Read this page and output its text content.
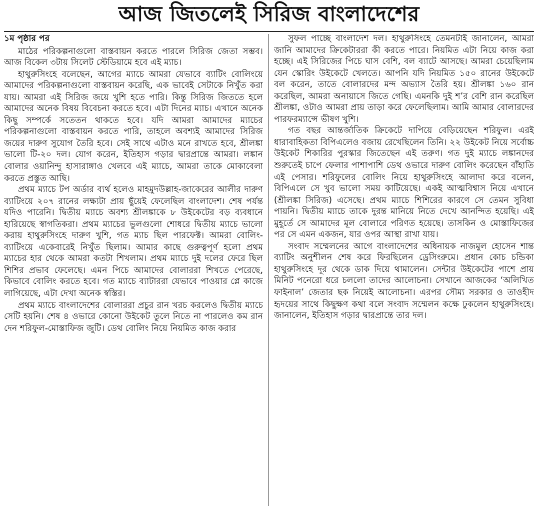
আজ জিতলেই সিরিজ বাংলাদেশের
১ম পৃষ্ঠার পর

মাঠের পরিকল্পনাগুলো বাস্তবায়ন করতে পারলে সিরিজ জেতা সম্ভব। আজ বিকেল ৩টায় সিলেট স্টেডিয়ামে হবে এই ম্যাচ।

হাথুরুসিংহে বলেছেন, আগের ম্যাচে আমরা যেভাবে ব্যাটিং বোলিংয়ে আমাদের পরিকল্পনাগুলো বাস্তবায়ন করেছি, এক ভাবেই সেটাকে নিখুঁত করা যায়। আমরা এই সিরিজ জয়ে খুশি হতে পারি। কিন্তু সিরিজ জিততে হলে আমাদের অনেক বিষয় বিবেচনা করতে হবে। এটা দিনের ম্যাচ। এখানে অনেক কিছু সম্পর্কে সতেতন থাকতে হবে। যদি আমরা আমাদের ম্যাচের পরিকল্পনাগুলো বাস্তবায়ন করতে পারি, তাহলে অবশ্যই আমাদের সিরিজ জয়ের দারুণ সুযোগ তৈরি হবে। সেই সাথে এটাও মনে রাখতে হবে, শ্রীলঙ্কা ভালো টি-২০ দল। যোগ করেন, ইতিহাস গড়ার দ্বারপ্রান্তে আমরা। লঙ্কান বোলার ওয়ানিন্দু হাসারাঙ্গাও খেলবে এই ম্যাচে, আমরা তাকে মোকাবেলা করতে প্রস্তুত আছি।

প্রথম ম্যাচে টপ অর্ডার ব্যর্থ হলেও মাহমুদউল্লাহ-জাকেরের আলীর দারুণ ব্যাটিংয়ে ২০৭ রানের লক্ষ্যটা প্রায় ছুঁয়েই ফেলেছিল বাংলাদেশ। শেষ পর্যন্ত যদিও পারেনি। দ্বিতীয় ম্যাচে অবশ্য শ্রীলঙ্কাকে ৮ উইকেটের বড় ব্যবধানে হারিয়েছে স্বাগতিকরা। প্রথম ম্যাচের ভুলগুলো শোধরে দ্বিতীয় ম্যাচে ভালো করায় হাথুরুসিংহে দারুণ খুশি, গত ম্যাচ ছিল পারফেক্ট। আমরা বোলিং-ব্যাটিংয়ে একেবারেই নিখুঁত ছিলাম। আমার কাছে গুরুত্বপূর্ণ হলো প্রথম ম্যাচের হার থেকে আমরা কতটা শিখলাম। প্রথম ম্যাচে দুই দলের ফেরে ছিল শিশির প্রভাব ফেলেছে। এমন পিচে আমাদের বোলাররা শিখতে পেরেছে, কিভাবে বোলিং করতে হবে। গত ম্যাচে ব্যাটাররা যেভাবে পাওয়ার প্লে কাজে লাগিয়েছে, এটা দেখা অনেক স্বস্তির।

প্রথম ম্যাচে বাংলাদেশের বোলাররা প্রচুর রান খরচ করলেও দ্বিতীয় ম্যাচে সেটি হয়নি। শেষ ৪ ওভারে কোনো উইকেট তুলে নিতে না পারলেও কম রান দেন শরিফুল-মোস্তাফিজ জুটি। ডেথ বোলিং নিয়ে নিয়মিত কাজ করার

সুফল পাচ্ছে বাংলাদেশ দল। হাথুরুসিংহে তেমনটাই জানালেন, আমরা জানি আমাদের ক্রিকেটাররা কী করতে পারে। নিয়মিত এটা নিয়ে কাজ করা হচ্ছে। এই সিরিজের পিচে ঘাস বেশি, বল ব্যাটে আসছে। আমরা চেয়েছিলাম যেন স্কোরিং উইকেটে খেলতে। আপনি যদি নিয়মিত ১৫০ রানের উইকেটে বল করেন, তাতে বোলারদের মন্দ অভ্যাস তৈরি হয়। শ্রীলঙ্কা ১৬০ রান করেছিল, আমরা অনায়াসে জিতে গেছি। এমনকি দুই শ’র বেশি রান করেছিল শ্রীলঙ্কা, ওটাও আমরা প্রায় তাড়া করে ফেলেছিলাম। আমি আমার বোলারদের পারফরম্যান্সে ভীষণ খুশি।

গত বছর আন্তর্জাতিক ক্রিকেটে দাপিয়ে বেড়িয়েছেন শরিফুল। এরই ধারাবাহিকতা বিপিএলেও বজায় রেখেছিলেন তিনি। ২২ উইকেট নিয়ে সর্বোচ্চ উইকেট শিকারির পুরস্কার জিতেছেন এই তরুণ। গত দুই ম্যাচে লঙ্কানদের শুরুতেই চাপে ফেলার পাশাপাশি ডেথ ওভারে দারুণ বোলিং করেছেন বাঁহাতি এই পেসার। শরিফুলের বোলিং নিয়ে হাথুরুসিংহে আলাদা করে বলেন, বিপিএলে সে খুব ভালো সময় কাটিয়েছে। একই আত্মবিশ্বাস নিয়ে এখানে (শ্রীলঙ্কা সিরিজ) এসেছে। প্রথম ম্যাচে শিশিরের কারণে সে তেমন সুবিধা পায়নি। দ্বিতীয় ম্যাচে তাকে দুরন্ত মানিয়ে নিতে দেখে আনন্দিত হয়েছি। এই মুহূর্তে সে আমাদের মূল বোলারে পরিণত হয়েছে। তাসকিন ও মোস্তাফিজের পর সে এমন একজন, যার ওপর আস্থা রাখা যায়।

সংবাদ সম্মেলনের আগে বাংলাদেশের অধিনায়ক নাজমুল হোসেন শান্ত ব্যাটিং অনুশীলন শেষ করে ফিরছিলেন ড্রেসিংরুমে। প্রধান কোচ চন্ডিকা হাথুরুসিংহে দূর থেকে ডাক দিয়ে থামালেন। সেন্টার উইকেটের পাশে প্রায় মিনিট পনেরো ধরে চললো তাদের আলোচনা। সেখানে আজকের ‘অলিখিত ফাইনাল’ জেতার ছক নিয়েই আলোচনা। এরপর সৌম্য সরকার ও তাওহীদ হৃদয়ের সাথে কিছুক্ষণ কথা বলে সংবাদ সম্মেলন কক্ষে ঢুকলেন হাথুরুসিংহে। জানালেন, ইতিহাস গড়ার দ্বারপ্রান্তে তার দল।
